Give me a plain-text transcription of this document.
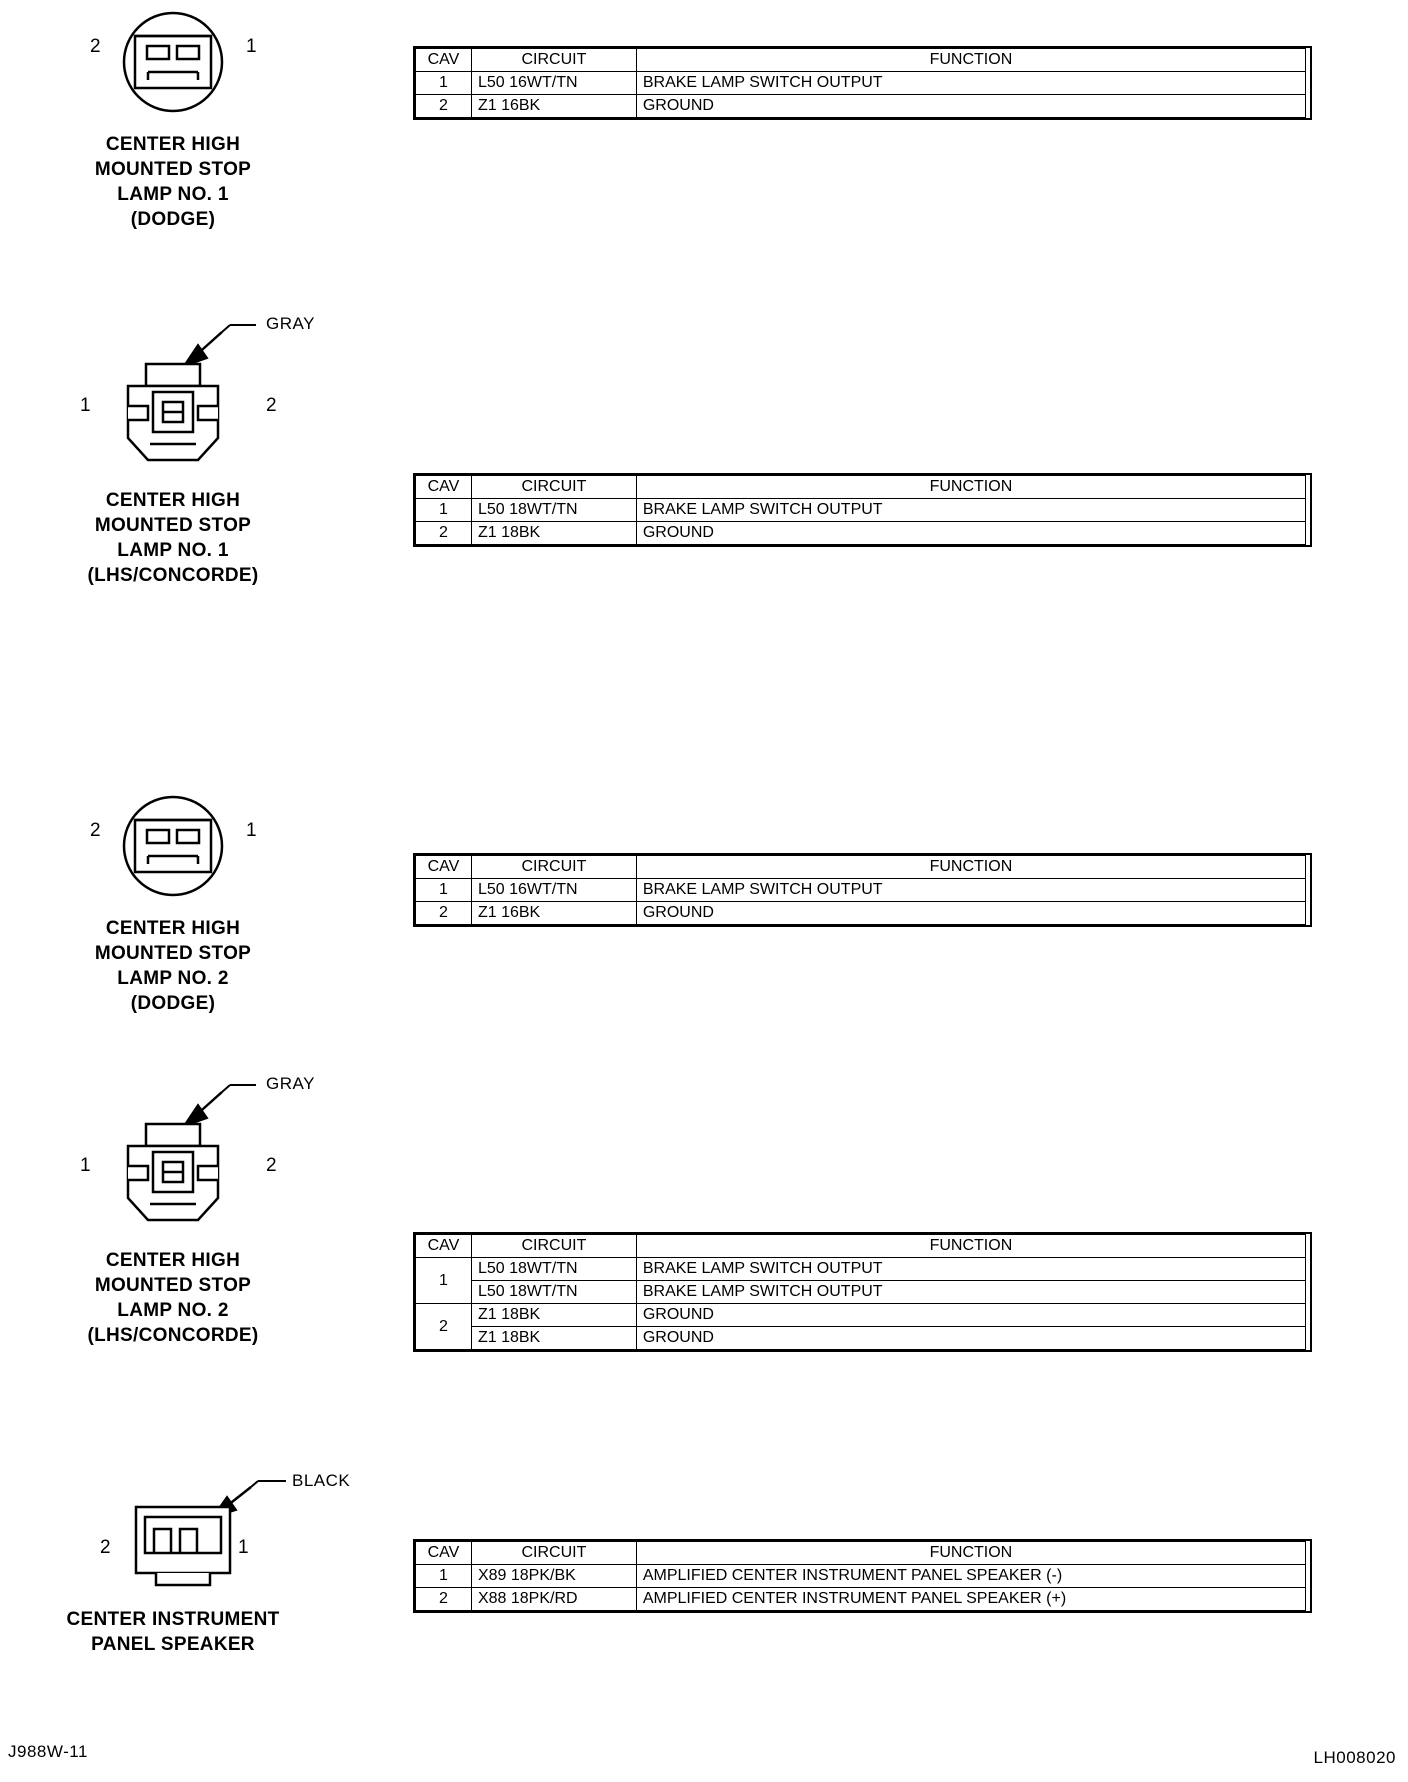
2	1
CENTER HIGH
MOUNTED STOP
LAMP NO. 1
(DODGE)
CAV	CIRCUIT	FUNCTION
1	L50 16WT/TN	BRAKE LAMP SWITCH OUTPUT
2	Z1 16BK	GROUND
GRAY
1	2
CENTER HIGH
MOUNTED STOP
LAMP NO. 1
(LHS/CONCORDE)
CAV	CIRCUIT	FUNCTION
1	L50 18WT/TN	BRAKE LAMP SWITCH OUTPUT
2	Z1 18BK	GROUND
2	1
CENTER HIGH
MOUNTED STOP
LAMP NO. 2
(DODGE)
CAV	CIRCUIT	FUNCTION
1	L50 16WT/TN	BRAKE LAMP SWITCH OUTPUT
2	Z1 16BK	GROUND
GRAY
1	2
CENTER HIGH
MOUNTED STOP
LAMP NO. 2
(LHS/CONCORDE)
CAV	CIRCUIT	FUNCTION
1	L50 18WT/TN	BRAKE LAMP SWITCH OUTPUT
	L50 18WT/TN	BRAKE LAMP SWITCH OUTPUT
2	Z1 18BK	GROUND
	Z1 18BK	GROUND
BLACK
2	1
CENTER INSTRUMENT
PANEL SPEAKER
CAV	CIRCUIT	FUNCTION
1	X89 18PK/BK	AMPLIFIED CENTER INSTRUMENT PANEL SPEAKER (-)
2	X88 18PK/RD	AMPLIFIED CENTER INSTRUMENT PANEL SPEAKER (+)
J988W-11	LH008020
